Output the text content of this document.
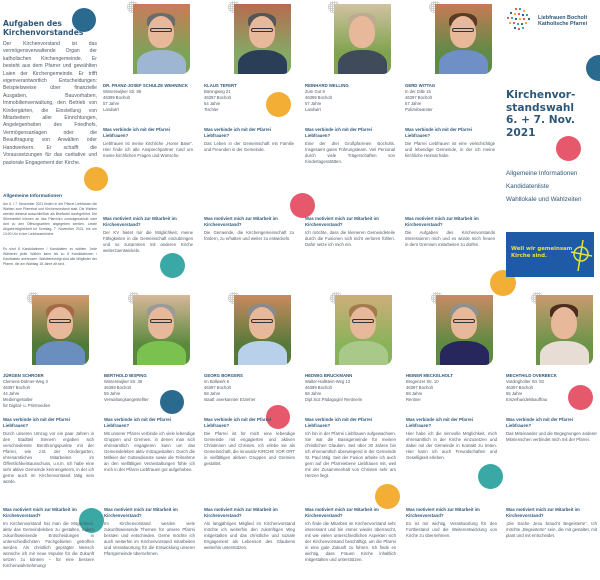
Aufgaben des
Kirchenvorstandes
Der Kirchenvorstand ist das vermögensverwaltende Organ der katholischen Kirchengemeinde. Er besteht aus dem Pfarrer und gewählten Laien der Kirchengemeinde. Er trifft eigenverantwortlich Entscheidungen: Beispielsweise über finanzielle Ausgaben, Bauvorhaben, Immobilienverwaltung, den Betrieb von Kindergärten, die Einstellung von Mitarbeitern aller Einrichtungen, Angelegenheiten des Friedhofs, Vermögensanlagen oder die Beauftragung von Anwälten oder Handwerkern. Er schafft die Voraussetzungen für das caritative und pastorale Engagement der Kirche.
Allgemeine Informationen
Am 6. / 7. November 2021 finden in der Pfarrei Liebfrauen die Wahlen zum Pfarreirat und Kirchenvorstand statt. Die Wahlen werden diesmal ausschließlich als Briefwahl durchgeführt. Die Stimmzettel können an das Pfarrbüro zurückgeschickt oder dort zu den Öffnungszeiten abgegeben werden. Letzte Abgabemöglichkeit ist Sonntag, 7. November 2021, bis um 13:00 Uhr in der Liebfrauenkirche.
Es sind 8 Kandidatinnen / Kandidaten zu wählen. Jede Wählerin/ jeder Wähler kann bis zu 8 Kandidatinnen / Kandidaten ankreuzen. Wahlberechtigt sind alle Mitglieder der Pfarrei, die am Wahltag 18 Jahre alt sind.
DR. FRANZ-JOSEF SCHULZE WEHNINCK
Winterswijker Str. 86
46399 Bocholt
57 Jahre
Landwirt
KLAUS TEFERT
Büningweg 21
46397 Bocholt
54 Jahre
Tischler
REINHARD WELLING
Zum Gut 9
46399 Bocholt
57 Jahre
Landwirt
GERD WITTAG
In der Dille 15
46397 Bocholt
57 Jahre
Polizeibeamter
Was verbinde ich mit der Pfarrei Liebfrauen?
Liebfrauen ist meine kirchliche „Home Base“. Hier finde ich alle Ansprechpartner rund um meine kirchlichen Fragen und Wünsche.
Was verbinde ich mit der Pfarrei Liebfrauen?
Das Leben in der Gemeinschaft mit Familie und Freunden in der Gemeinde.
Was verbinde ich mit der Pfarrei Liebfrauen?
Eine der drei Großpfarreien Bocholts. Insgesamt gutes Führungsteam. Viel Personal durch viele Trägerschaften von Kindertagesstätten.
Was verbinde ich mit der Pfarrei Liebfrauen?
Die Pfarrei Liebfrauen ist eine vielschichtige und lebendige Gemeinde, in der ich meine kirchliche Heimat habe.
Was motiviert mich zur Mitarbeit im Kirchenvorstand?
Der KV bietet mir die Möglichkeit, meine Fähigkeiten in die Gemeinschaft einzubringen und so zusammen mit anderen Kirche weiterzuentwickeln.
Was motiviert mich zur Mitarbeit im Kirchenvorstand?
Die Gemeinde, die Kirchengemeinschaft zu fördern, zu erhalten und weiter zu entwickeln.
Was motiviert mich zur Mitarbeit im Kirchenvorstand?
Ich möchte, dass die kleineren Gemeindeteile durch die Fusionen sich nicht verloren fühlen. Dafür setze ich mich ein.
Was motiviert mich zur Mitarbeit im Kirchenvorstand?
Die Aufgaben des Kirchenvorstands interessieren mich und es würde mich freuen in dem Gremium mitarbeiten zu dürfen.
Liebfrauen Bocholt
Katholische Pfarrei
Kirchenvor-
standswahl
6. + 7. Nov. 2021
Allgemeine Informationen
Kandidatenliste
Wahllokale und Wahlzeiten
Weil wir gemeinsam
Kirche sind.
JÜRGEN SCHROER
Clemens-Dülmer-Weg 3
46397 Bocholt
44 Jahre
Mediengestalter
für Digital- u. Printmedien
BERTHOLD BISPING
Winterswijker Str. 36
46399 Bocholt
59 Jahre
Verwaltungsangestellter
GEORG BORGERS
Im Bollwerk 6
46397 Bocholt
58 Jahre
staatl. anerkannter Erzieher
HEDWIG BRUCKMANN
Walter-Hallstein-Weg 12
46399 Bocholt
68 Jahre
Dipl.Soz.Pädagogin/ Rentnerin
HEINER MECKELHOLT
Bregenzer Str. 10
46397 Bocholt
68 Jahre
Rentner
MECHTHILD OVERBECK
Vardingholter Str. 83
46397 Bocholt
55 Jahre
Einzelhandelskauffrau
Was verbinde ich mit der Pfarrei Liebfrauen?
Durch unseren Umzug vor ein paar Jahren in den Stadtteil Stenern ergaben sich verschiedenste Berührungspunkte mit der Pfarrei, wie z.B. der Kindergarten, ehrenamtliches Mitarbeiten im Öffentlichkeitsausschuss, u.v.m. Ich habe eine sehr aktive Gemeinde kennengelernt, in der ich gerne auch im Kirchenvorstand tätig sein würde.
Was verbinde ich mit der Pfarrei Liebfrauen?
Mit unserer Pfarrei verbinde ich viele lebendige Gruppen und Gremien, in denen man sich ehrenamtlich engagieren kann um das Gemeindeleben aktiv mitzugestalten. Durch die Mitfeier der Gottesdienste sowie die Teilnahme an den vielfältigen Veranstaltungen fühle ich mich in der Pfarrei Liebfrauen gut aufgehoben.
Was verbinde ich mit der Pfarrei Liebfrauen?
Die Pfarrei ist für mich eine lebendige Gemeinde mit engagierten und aktiven Christinnen und Christen. Ich erlebe sie als Gemeinschaft, die innovativ KIRCHE VOR ORT in vielfältigen aktiven Gruppen und Gremien gestaltet.
Was verbinde ich mit der Pfarrei Liebfrauen?
Ich bin in der Pfarrei Liebfrauen aufgewachsen. Sie war die Basisgemeinde für meinen christlichen Glauben. Seit über 30 Jahren bin ich ehrenamtlich überwiegend in der Gemeinde St. Paul tätig. Seit der Fusion arbeite ich auch gern auf der Pfarreiebene Liebfrauen mit, weil mir der Zusammenhalt von Christen sehr am Herzen liegt.
Was verbinde ich mit der Pfarrei Liebfrauen?
Hier habe ich die sinnvolle Möglichkeit, mich ehrenamtlich in der Kirche einzusetzen und dabei mit der Gemeinde in Kontakt zu treten. Hier kann ich auch Freundschaften und Geselligkeit erleben.
Was verbinde ich mit der Pfarrei Liebfrauen?
Das Miteinander und die Begegnungen anderer Mitmenschen verbindet mich mit der Pfarrei.
Was motiviert mich zur Mitarbeit im Kirchenvorstand?
Im Kirchenvorstand hat man die Möglichkeit, aktiv das Gemeindeleben zu gestalten, indem zukunftsweisende Entscheidungen in unterschiedlichsten Fachgebieten getroffen werden. Als christlich geprägter Mensch wünsche ich mir neue Impulse für die Zukunft setzen zu können – für eine bessere Kirchenwahrnehmung!
Was motiviert mich zur Mitarbeit im Kirchenvorstand?
Im Kirchenvorstand werden viele zukunftsweisende Themen für unsere Pfarrei beraten und entschieden. Gerne möchte ich auch weiterhin im Kirchenvorstand mitarbeiten und Verantwortung für die Entwicklung unserer Pfarrgemeinde übernehmen.
Was motiviert mich zur Mitarbeit im Kirchenvorstand?
Als langjähriges Mitglied im Kirchenvorstand möchte ich weiterhin den zukünftigen Weg mitgestalten und das christliche und soziale Engagement als Lebensort des Glaubens weiterhin unterstützen.
Was motiviert mich zur Mitarbeit im Kirchenvorstand?
Ich finde die Mitarbeit im Kirchenvorstand sehr interessant und bin immer wieder überrascht, mit wie vielen unterschiedlichen Aspekten sich der Kirchenvorstand beschäftigt, um die Pfarrei in eine gute Zukunft zu führen. Ich finde es wichtig, dass Frauen Kirche inhaltlich mitgestalten und unterstützen.
Was motiviert mich zur Mitarbeit im Kirchenvorstand?
Es ist mir wichtig, Verantwortung für den Fortbestand und die Weiterentwicklung von Kirche zu übernehmen.
Was motiviert mich zur Mitarbeit im Kirchenvorstand?
„Die Sache Jesu braucht Begeisterte“. Ich möchte „Begeisterte“ sein, die mit gestaltet, mit plant und mit entscheidet.
